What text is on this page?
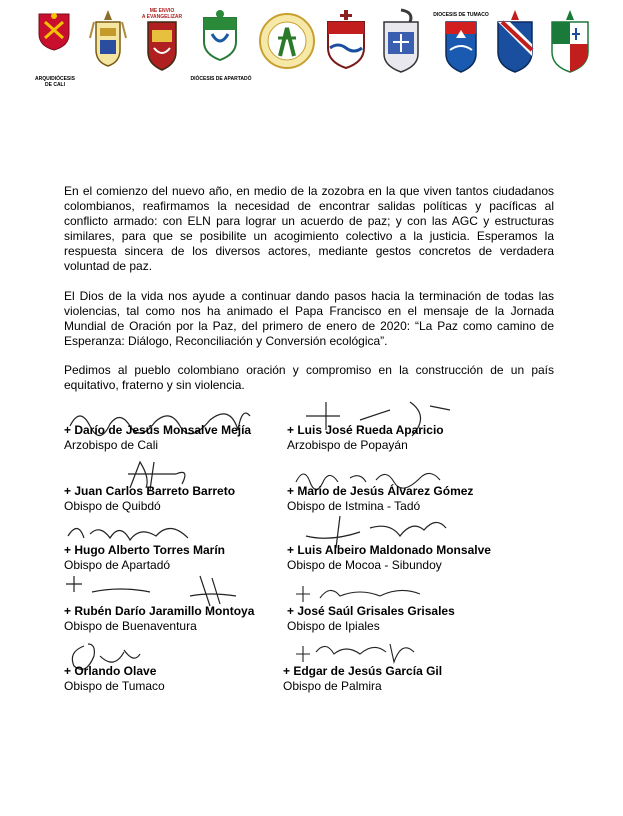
ARQUIDIÓCESIS
DE CALI
ME ENVIO
A EVANGELIZAR
DIÓCESIS DE APARTADÓ
DIOCESIS DE TUMACO

En el comienzo del nuevo año, en medio de la zozobra en la que viven tantos ciudadanos colombianos, reafirmamos la necesidad de encontrar salidas políticas y pacíficas al conflicto armado: con ELN para lograr un acuerdo de paz; y con las AGC y estructuras similares, para que se posibilite un acogimiento colectivo a la justicia. Esperamos la respuesta sincera de los diversos actores, mediante gestos concretos de verdadera voluntad de paz.

El Dios de la vida nos ayude a continuar dando pasos hacia la terminación de todas las violencias, tal como nos ha animado el Papa Francisco en el mensaje de la Jornada Mundial de Oración por la Paz, del primero de enero de 2020: “La Paz como camino de Esperanza: Diálogo, Reconciliación y Conversión ecológica”.

Pedimos al pueblo colombiano oración y compromiso en la construcción de un país equitativo, fraterno y sin violencia.

+ Darío de Jesús Monsalve Mejía
Arzobispo de Cali
+ Luis José Rueda Aparicio
Arzobispo de Popayán
+ Juan Carlos Barreto Barreto
Obispo de Quibdó
+ Mario de Jesús Álvarez Gómez
Obispo de Istmina - Tadó
+ Hugo Alberto Torres Marín
Obispo de Apartadó
+ Luis Albeiro Maldonado Monsalve
Obispo de Mocoa - Sibundoy
+ Rubén Darío Jaramillo Montoya
Obispo de Buenaventura
+ José Saúl Grisales Grisales
Obispo de Ipiales
+ Orlando Olave
Obispo de Tumaco
+ Edgar de Jesús García Gil
Obispo de Palmira
